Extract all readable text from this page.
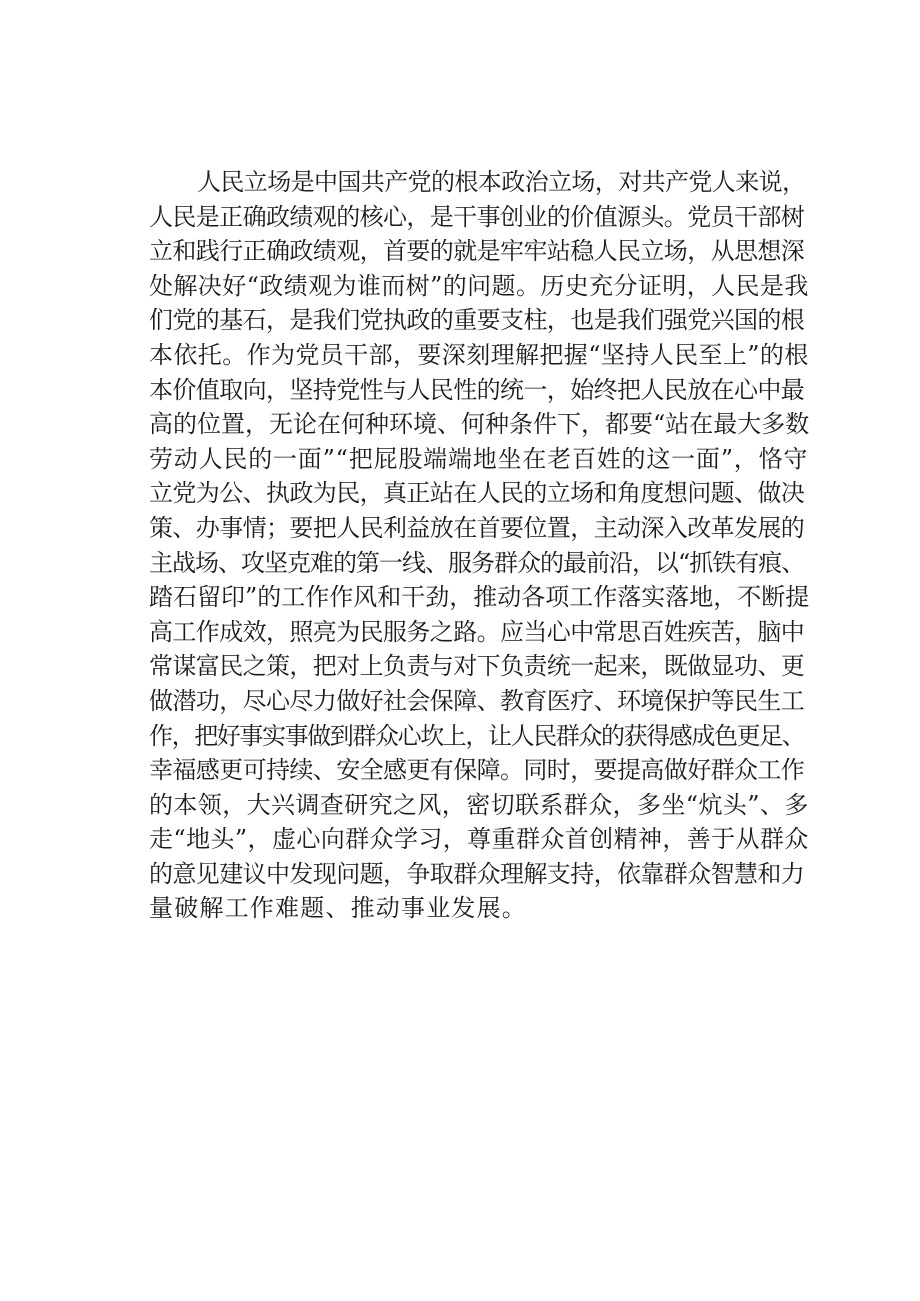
人民立场是中国共产党的根本政治立场，对共产党人来说，
人民是正确政绩观的核心，是干事创业的价值源头。党员干部树
立和践行正确政绩观，首要的就是牢牢站稳人民立场，从思想深
处解决好“政绩观为谁而树”的问题。历史充分证明，人民是我
们党的基石，是我们党执政的重要支柱，也是我们强党兴国的根
本依托。作为党员干部，要深刻理解把握“坚持人民至上”的根
本价值取向，坚持党性与人民性的统一，始终把人民放在心中最
高的位置，无论在何种环境、何种条件下，都要“站在最大多数
劳动人民的一面”“把屁股端端地坐在老百姓的这一面”，恪守
立党为公、执政为民，真正站在人民的立场和角度想问题、做决
策、办事情；要把人民利益放在首要位置，主动深入改革发展的
主战场、攻坚克难的第一线、服务群众的最前沿，以“抓铁有痕、
踏石留印”的工作作风和干劲，推动各项工作落实落地，不断提
高工作成效，照亮为民服务之路。应当心中常思百姓疾苦，脑中
常谋富民之策，把对上负责与对下负责统一起来，既做显功、更
做潜功，尽心尽力做好社会保障、教育医疗、环境保护等民生工
作，把好事实事做到群众心坎上，让人民群众的获得感成色更足、
幸福感更可持续、安全感更有保障。同时，要提高做好群众工作
的本领，大兴调查研究之风，密切联系群众，多坐“炕头”、多
走“地头”，虚心向群众学习，尊重群众首创精神，善于从群众
的意见建议中发现问题，争取群众理解支持，依靠群众智慧和力
量破解工作难题、推动事业发展。
